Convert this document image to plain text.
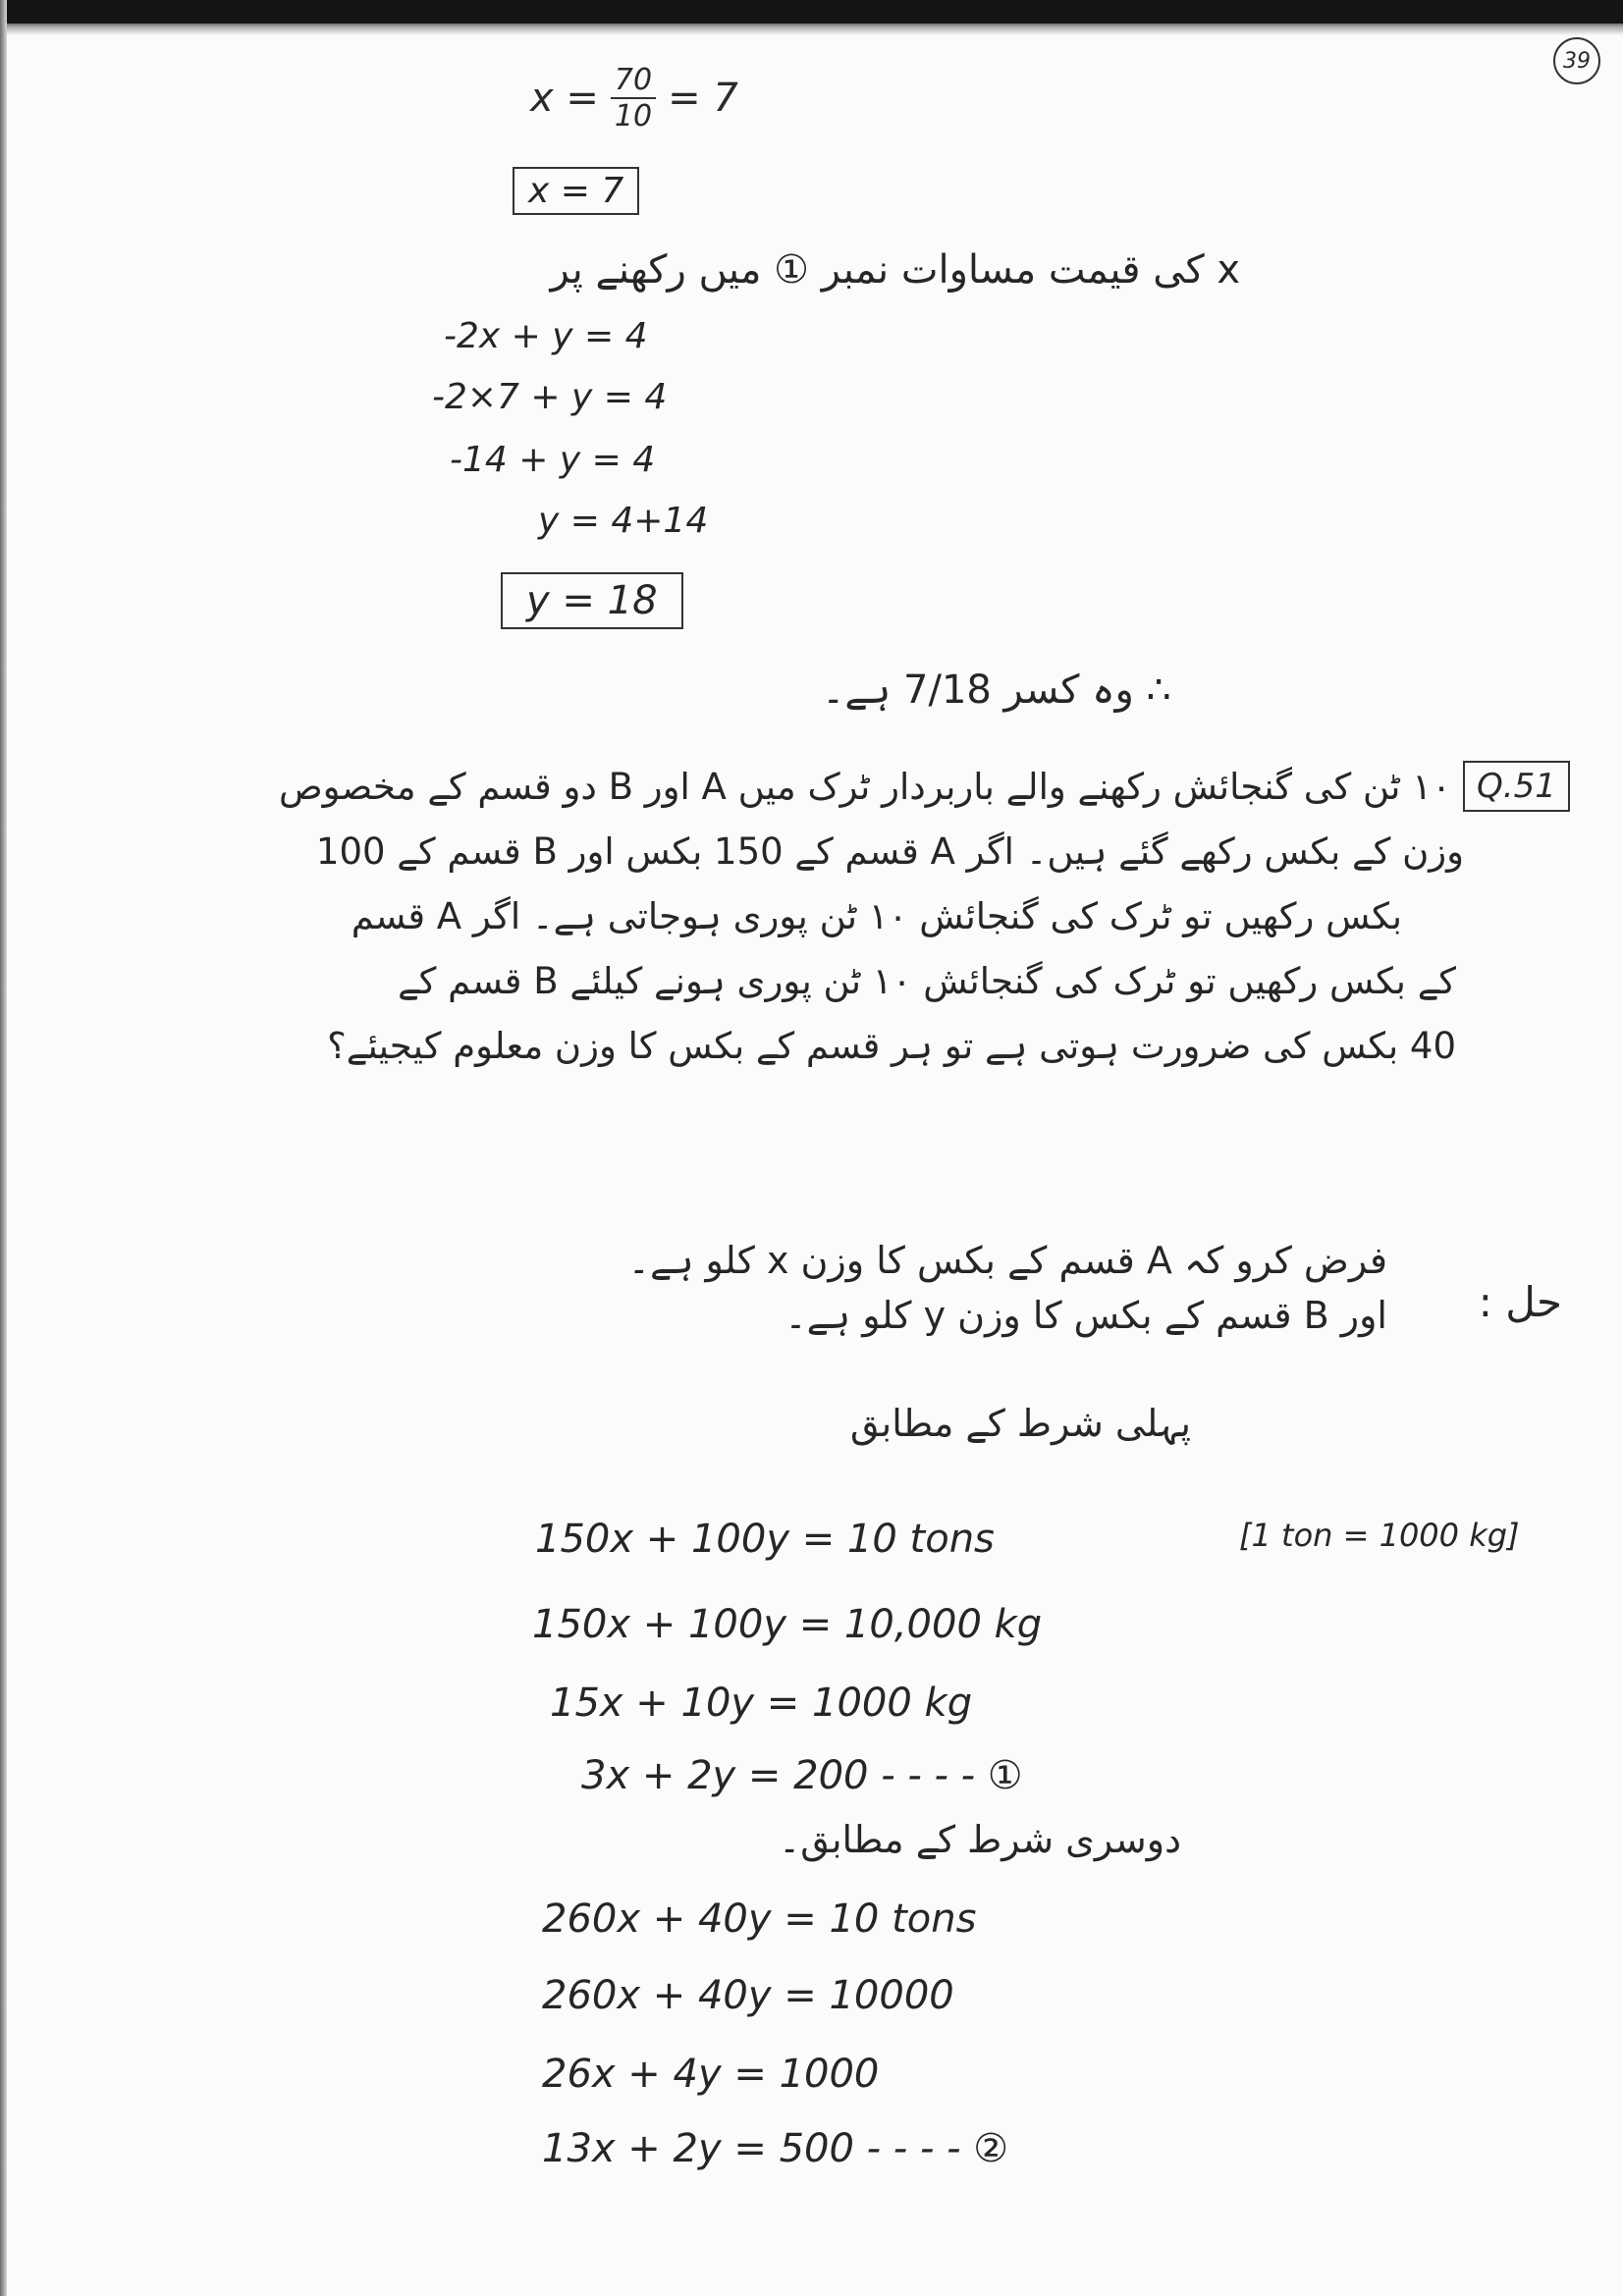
39
$x = \frac{70}{10} = 7$
x = 7
x کی قیمت مساوات نمبر ① میں رکھنے پر
-2x + y = 4
-2×7 + y = 4
-14 + y = 4
y = 4+14
y = 18
∴ وہ کسر 7/18 ہے۔
Q.51
۱۰ ٹن کی گنجائش رکھنے والے باربردار ٹرک میں A اور B دو قسم کے مخصوص
وزن کے بکس رکھے گئے ہیں۔ اگر A قسم کے 150 بکس اور B قسم کے 100
بکس رکھیں تو ٹرک کی گنجائش ۱۰ ٹن پوری ہوجاتی ہے۔ اگر A قسم
کے بکس رکھیں تو ٹرک کی گنجائش ۱۰ ٹن پوری ہونے کیلئے B قسم کے
40 بکس کی ضرورت ہوتی ہے تو ہر قسم کے بکس کا وزن معلوم کیجیئے؟
حل :
فرض کرو کہ A قسم کے بکس کا وزن x کلو ہے۔
اور B قسم کے بکس کا وزن y کلو ہے۔
پہلی شرط کے مطابق
150x + 100y = 10 tons
150x + 100y = 10,000 kg
15x + 10y = 1000 kg
3x + 2y = 200 - - - - ①
[1 ton = 1000 kg]
دوسری شرط کے مطابق۔
260x + 40y = 10 tons
260x + 40y = 10000
26x + 4y = 1000
13x + 2y = 500 - - - - ②
